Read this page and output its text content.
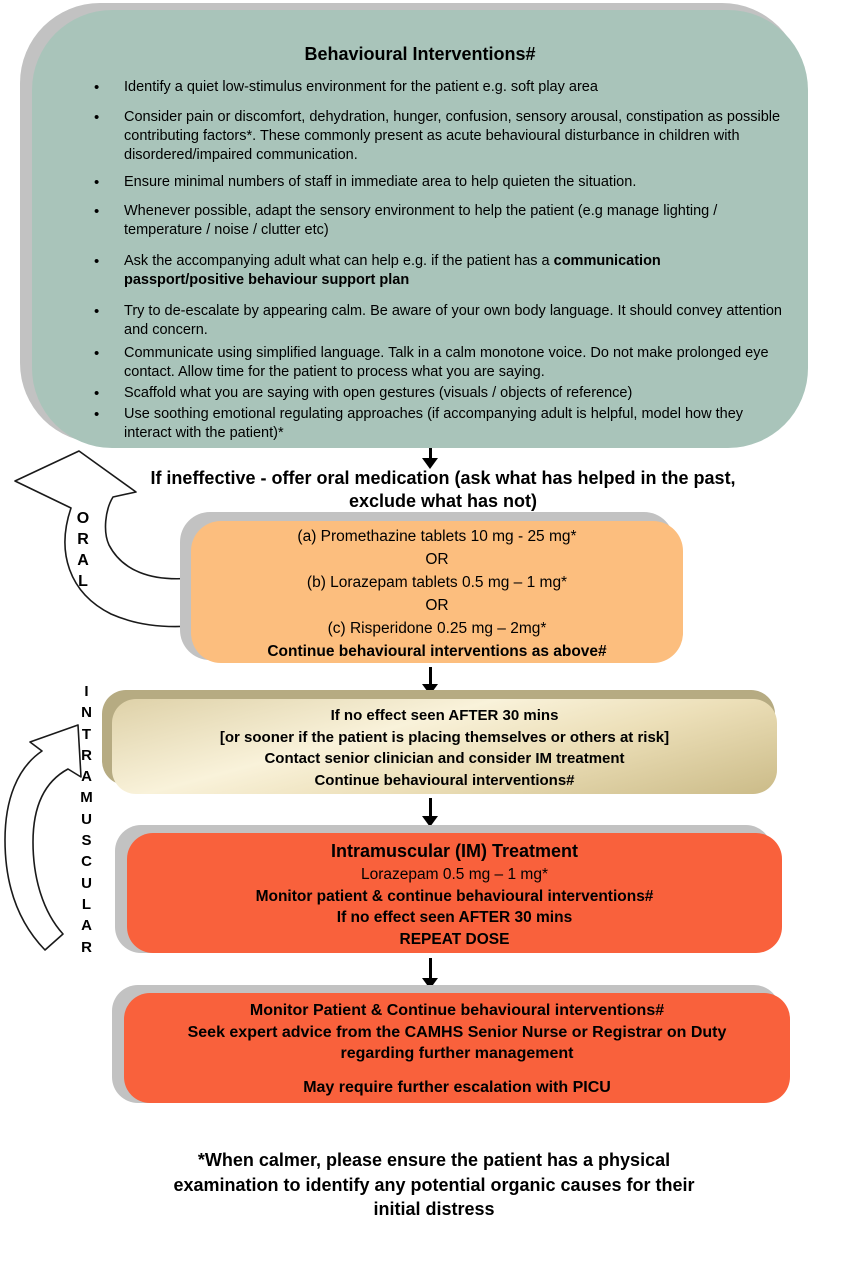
Behavioural Interventions#
• Identify a quiet low-stimulus environment for the patient e.g. soft play area
• Consider pain or discomfort, dehydration, hunger, confusion, sensory arousal, constipation as possible contributing factors*. These commonly present as acute behavioural disturbance in children with disordered/impaired communication.
• Ensure minimal numbers of staff in immediate area to help quieten the situation.
• Whenever possible, adapt the sensory environment to help the patient (e.g manage lighting / temperature / noise / clutter etc)
• Ask the accompanying adult what can help e.g. if the patient has a communication passport/positive behaviour support plan
• Try to de-escalate by appearing calm. Be aware of your own body language. It should convey attention and concern.
• Communicate using simplified language. Talk in a calm monotone voice. Do not make prolonged eye contact. Allow time for the patient to process what you are saying.
• Scaffold what you are saying with open gestures (visuals / objects of reference)
• Use soothing emotional regulating approaches (if accompanying adult is helpful, model how they interact with the patient)*
If ineffective - offer oral medication (ask what has helped in the past, exclude what has not)
ORAL
(a) Promethazine tablets 10 mg - 25 mg*
OR
(b) Lorazepam tablets 0.5 mg – 1 mg*
OR
(c) Risperidone 0.25 mg – 2mg*
Continue behavioural interventions as above#
INTRAMUSCULAR
If no effect seen AFTER 30 mins
[or sooner if the patient is placing themselves or others at risk]
Contact senior clinician and consider IM treatment
Continue behavioural interventions#
Intramuscular (IM) Treatment
Lorazepam 0.5 mg – 1 mg*
Monitor patient & continue behavioural interventions#
If no effect seen AFTER 30 mins
REPEAT DOSE
Monitor Patient & Continue behavioural interventions#
Seek expert advice from the CAMHS Senior Nurse or Registrar on Duty
regarding further management
May require further escalation with PICU
*When calmer, please ensure the patient has a physical
examination to identify any potential organic causes for their
initial distress
